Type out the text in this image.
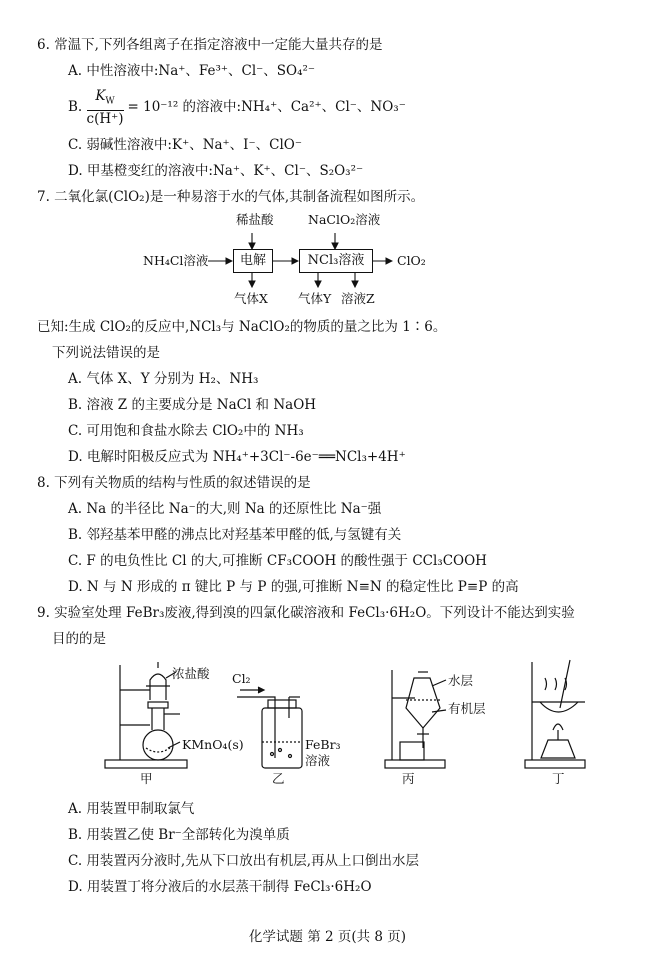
6. 常温下,下列各组离子在指定溶液中一定能大量共存的是
A. 中性溶液中:Na⁺、Fe³⁺、Cl⁻、SO₄²⁻
B. $\frac{K_W}{c(H^+)} = 10^{-12}$ 的溶液中:NH₄⁺、Ca²⁺、Cl⁻、NO₃⁻
C. 弱碱性溶液中:K⁺、Na⁺、I⁻、ClO⁻
D. 甲基橙变红的溶液中:Na⁺、K⁺、Cl⁻、S₂O₃²⁻
7. 二氧化氯(ClO₂)是一种易溶于水的气体,其制备流程如图所示。
稀盐酸	NaClO₂溶液
NH₄Cl溶液	电解	NCl₃溶液	ClO₂
气体X 气体Y 溶液Z
已知:生成 ClO₂的反应中,NCl₃与 NaClO₂的物质的量之比为 1∶6。
下列说法错误的是
A. 气体 X、Y 分别为 H₂、NH₃
B. 溶液 Z 的主要成分是 NaCl 和 NaOH
C. 可用饱和食盐水除去 ClO₂中的 NH₃
D. 电解时阳极反应式为 NH₄⁺+3Cl⁻-6e⁻══NCl₃+4H⁺
8. 下列有关物质的结构与性质的叙述错误的是
A. Na 的半径比 Na⁻的大,则 Na 的还原性比 Na⁻强
B. 邻羟基苯甲醛的沸点比对羟基苯甲醛的低,与氢键有关
C. F 的电负性比 Cl 的大,可推断 CF₃COOH 的酸性强于 CCl₃COOH
D. N 与 N 形成的 π 键比 P 与 P 的强,可推断 N≡N 的稳定性比 P≡P 的高
9. 实验室处理 FeBr₃废液,得到溴的四氯化碳溶液和 FeCl₃·6H₂O。下列设计不能达到实验
目的的是
浓盐酸
KMnO₄(s)
甲
Cl₂
FeBr₃
溶液
乙
水层
有机层
丙	丁
A. 用装置甲制取氯气
B. 用装置乙使 Br⁻全部转化为溴单质
C. 用装置丙分液时,先从下口放出有机层,再从上口倒出水层
D. 用装置丁将分液后的水层蒸干制得 FeCl₃·6H₂O
化学试题 第 2 页(共 8 页)
